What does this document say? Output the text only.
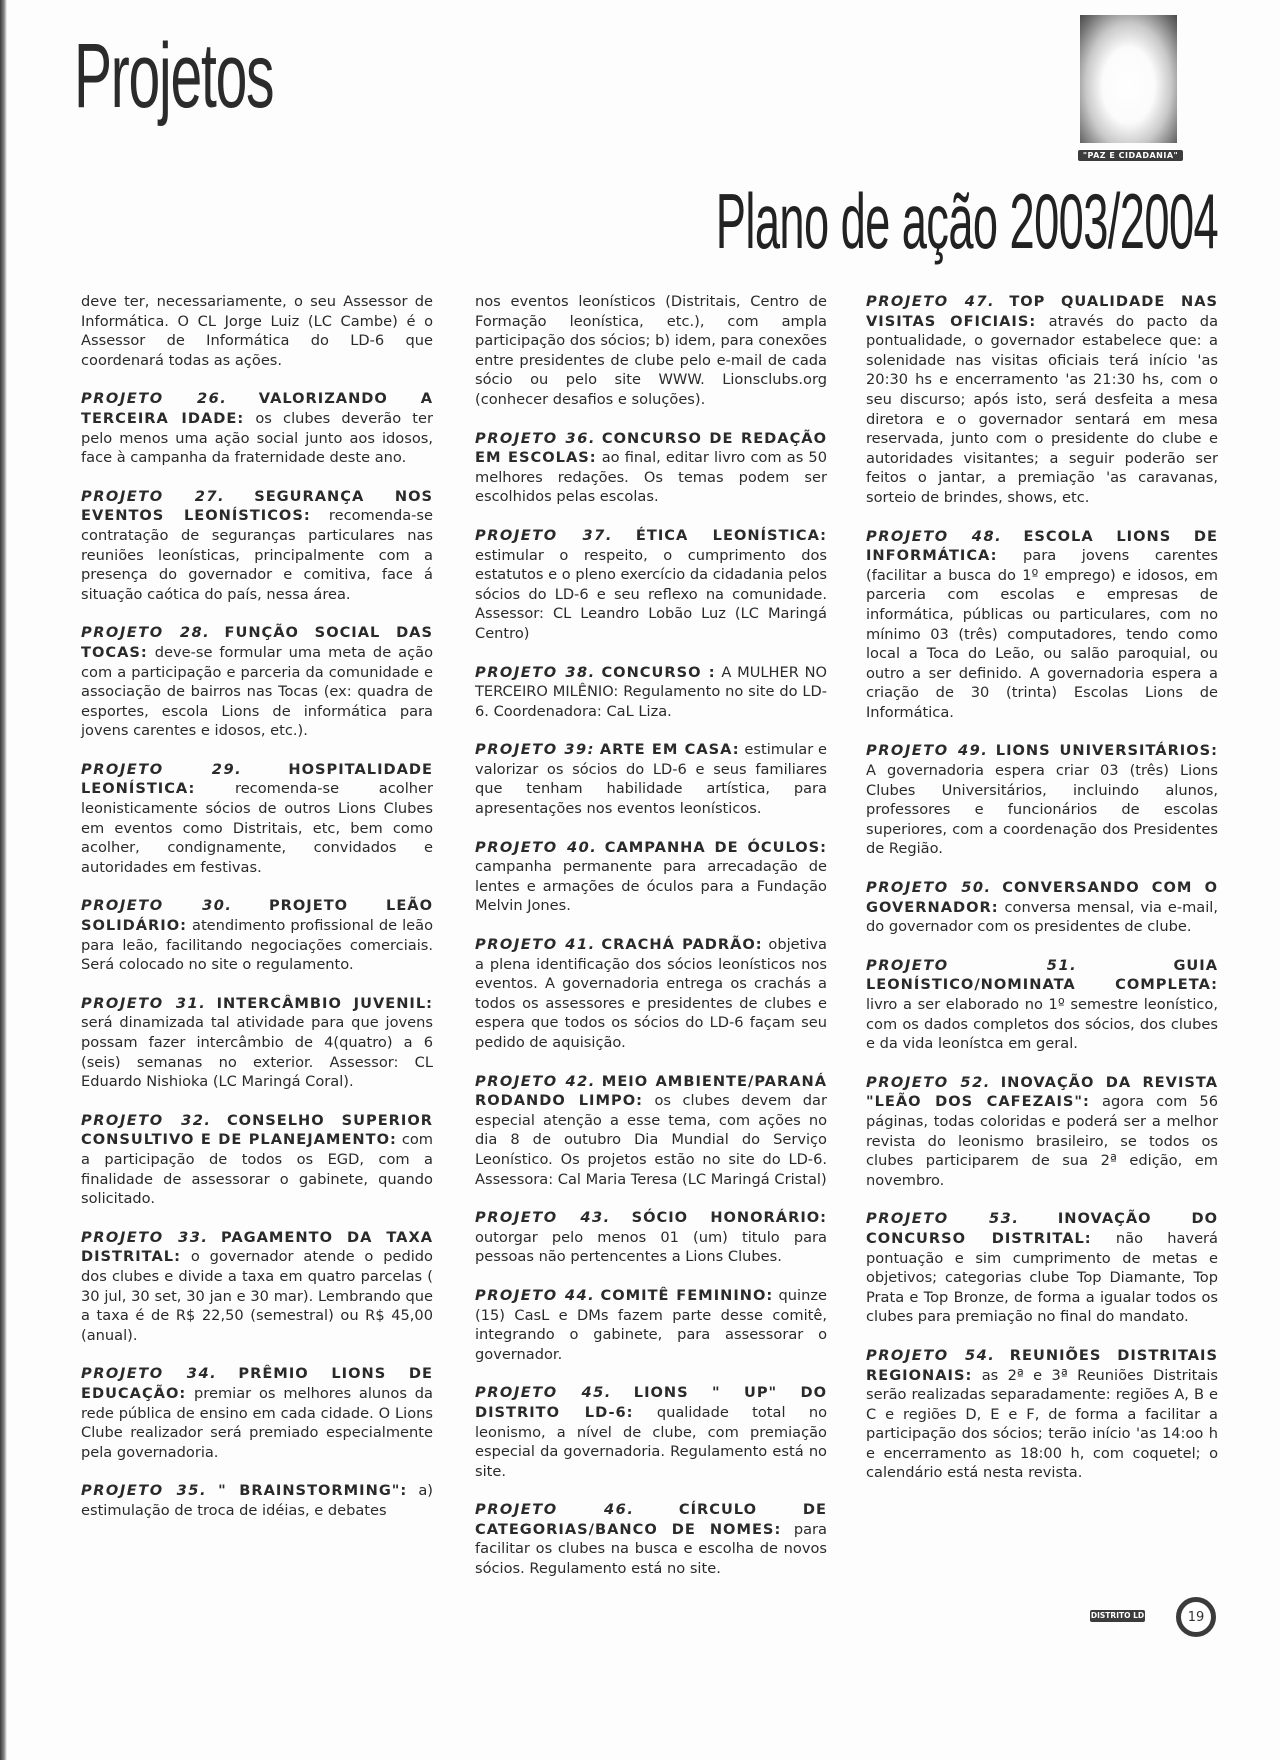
Projetos
"PAZ E CIDADANIA"
Plano de ação 2003/2004

deve ter, necessariamente, o seu Assessor de Informática. O CL Jorge Luiz (LC Cambe) é o Assessor de Informática do LD-6 que coordenará todas as ações.

PROJETO 26. VALORIZANDO A TERCEIRA IDADE: os clubes deverão ter pelo menos uma ação social junto aos idosos, face à campanha da fraternidade deste ano.

PROJETO 27. SEGURANÇA NOS EVENTOS LEONÍSTICOS: recomenda-se contratação de seguranças particulares nas reuniões leonísticas, principalmente com a presença do governador e comitiva, face á situação caótica do país, nessa área.

PROJETO 28. FUNÇÃO SOCIAL DAS TOCAS: deve-se formular uma meta de ação com a participação e parceria da comunidade e associação de bairros nas Tocas (ex: quadra de esportes, escola Lions de informática para jovens carentes e idosos, etc.).

PROJETO 29.	HOSPITALIDADE LEONÍSTICA:	recomenda-se acolher leonisticamente sócios de outros Lions Clubes em eventos como Distritais, etc, bem como acolher, condignamente, convidados e autoridades em festivas.

PROJETO 30.	PROJETO LEÃO SOLIDÁRIO: atendimento profissional de leão para leão, facilitando negociações comerciais. Será colocado no site o regulamento.

PROJETO 31. INTERCÂMBIO JUVENIL: será dinamizada tal atividade para que jovens possam fazer intercâmbio de 4(quatro) a 6 (seis) semanas no exterior. Assessor: CL Eduardo Nishioka (LC Maringá Coral).

PROJETO 32. CONSELHO SUPERIOR CONSULTIVO E DE PLANEJAMENTO: com a participação de todos os EGD, com a finalidade de assessorar o gabinete, quando solicitado.

PROJETO 33. PAGAMENTO DA TAXA DISTRITAL: o governador atende o pedido dos clubes e divide a taxa em quatro parcelas ( 30 jul, 30 set, 30 jan e 30 mar). Lembrando que a taxa é de R$ 22,50 (semestral) ou R$ 45,00 (anual).

PROJETO 34. PRÊMIO LIONS DE EDUCAÇÃO: premiar os melhores alunos da rede pública de ensino em cada cidade. O Lions Clube realizador será premiado especialmente pela governadoria.

PROJETO 35. " BRAINSTORMING": a) estimulação de troca de idéias, e debates

nos eventos leonísticos (Distritais, Centro de Formação leonística, etc.), com ampla participação dos sócios; b) idem, para conexões entre presidentes de clube pelo e-mail de cada sócio ou pelo site WWW. Lionsclubs.org (conhecer desafios e soluções).

PROJETO 36. CONCURSO DE REDAÇÃO EM ESCOLAS: ao final, editar livro com as 50 melhores redações. Os temas podem ser escolhidos pelas escolas.

PROJETO 37. ÉTICA LEONÍSTICA: estimular o respeito, o cumprimento dos estatutos e o pleno exercício da cidadania pelos sócios do LD-6 e seu reflexo na comunidade. Assessor: CL Leandro Lobão Luz (LC Maringá Centro)

PROJETO 38. CONCURSO : A MULHER NO TERCEIRO MILÊNIO: Regulamento no site do LD-6. Coordenadora: CaL Liza.

PROJETO 39: ARTE EM CASA: estimular e valorizar os sócios do LD-6 e seus familiares que tenham habilidade artística, para apresentações nos eventos leonísticos.

PROJETO 40. CAMPANHA DE ÓCULOS: campanha permanente para arrecadação de lentes e armações de óculos para a Fundação Melvin Jones.

PROJETO 41. CRACHÁ PADRÃO: objetiva a plena identificação dos sócios leonísticos nos eventos. A governadoria entrega os crachás a todos os assessores e presidentes de clubes e espera que todos os sócios do LD-6 façam seu pedido de aquisição.

PROJETO 42. MEIO AMBIENTE/PARANÁ RODANDO LIMPO: os clubes devem dar especial atenção a esse tema, com ações no dia 8 de outubro Dia Mundial do Serviço Leonístico. Os projetos estão no site do LD-6. Assessora: Cal Maria Teresa (LC Maringá Cristal)

PROJETO 43. SÓCIO HONORÁRIO: outorgar pelo menos 01 (um) titulo para pessoas não pertencentes a Lions Clubes.

PROJETO 44. COMITÊ FEMININO: quinze (15) CasL e DMs fazem parte desse comitê, integrando o gabinete, para assessorar o governador.

PROJETO 45. LIONS " UP" DO DISTRITO LD-6: qualidade total no leonismo, a nível de clube, com premiação especial da governadoria. Regulamento está no site.

PROJETO 46.	CÍRCULO DE CATEGORIAS/BANCO DE NOMES: para facilitar os clubes na busca e escolha de novos sócios. Regulamento está no site.

PROJETO 47. TOP QUALIDADE NAS VISITAS OFICIAIS: através do pacto da pontualidade, o governador estabelece que: a solenidade nas visitas oficiais terá início 'as 20:30 hs e encerramento 'as 21:30 hs, com o seu discurso; após isto, será desfeita a mesa diretora e o governador sentará em mesa reservada, junto com o presidente do clube e autoridades visitantes; a seguir poderão ser feitos o jantar, a premiação 'as caravanas, sorteio de brindes, shows, etc.

PROJETO 48. ESCOLA LIONS DE INFORMÁTICA: para jovens carentes (facilitar a busca do 1º emprego) e idosos, em parceria com escolas e empresas de informática, públicas ou particulares, com no mínimo 03 (três) computadores, tendo como local a Toca do Leão, ou salão paroquial, ou outro a ser definido. A governadoria espera a criação de 30 (trinta) Escolas Lions de Informática.

PROJETO 49. LIONS UNIVERSITÁRIOS: A governadoria espera criar 03 (três) Lions Clubes Universitários, incluindo alunos, professores e funcionários de escolas superiores, com a coordenação dos Presidentes de Região.

PROJETO 50. CONVERSANDO COM O GOVERNADOR: conversa mensal, via e-mail, do governador com os presidentes de clube.

PROJETO 51.	GUIA LEONÍSTICO/NOMINATA COMPLETA: livro a ser elaborado no 1º semestre leonístico, com os dados completos dos sócios, dos clubes e da vida leonístca em geral.

PROJETO 52. INOVAÇÃO DA REVISTA "LEÃO DOS CAFEZAIS": agora com 56 páginas, todas coloridas e poderá ser a melhor revista do leonismo brasileiro, se todos os clubes participarem de sua 2ª edição, em novembro.

PROJETO 53.	INOVAÇÃO DO CONCURSO DISTRITAL: não haverá pontuação e sim cumprimento de metas e objetivos; categorias clube Top Diamante, Top Prata e Top Bronze, de forma a igualar todos os clubes para premiação no final do mandato.

PROJETO 54. REUNIÕES DISTRITAIS REGIONAIS: as 2ª e 3ª Reuniões Distritais serão realizadas separadamente: regiões A, B e C e regiões D, E e F, de forma a facilitar a participação dos sócios; terão início 'as 14:oo h e encerramento as 18:00 h, com coquetel; o calendário está nesta revista.

DISTRITO LD 6
19
